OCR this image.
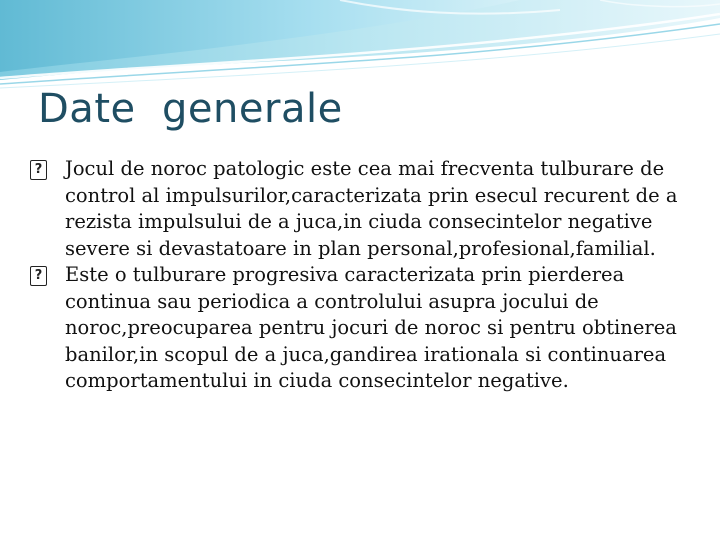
Date  generale

? Jocul de noroc patologic este cea mai frecventa tulburare de control al impulsurilor,caracterizata prin esecul recurent de a rezista impulsului de a juca,in ciuda consecintelor negative severe si devastatoare in plan personal,profesional,familial.

? Este o tulburare progresiva caracterizata prin pierderea continua sau periodica a controlului asupra jocului de noroc,preocuparea pentru jocuri de noroc si pentru obtinerea banilor,in scopul de a juca,gandirea irationala si continuarea comportamentului in ciuda consecintelor negative.
